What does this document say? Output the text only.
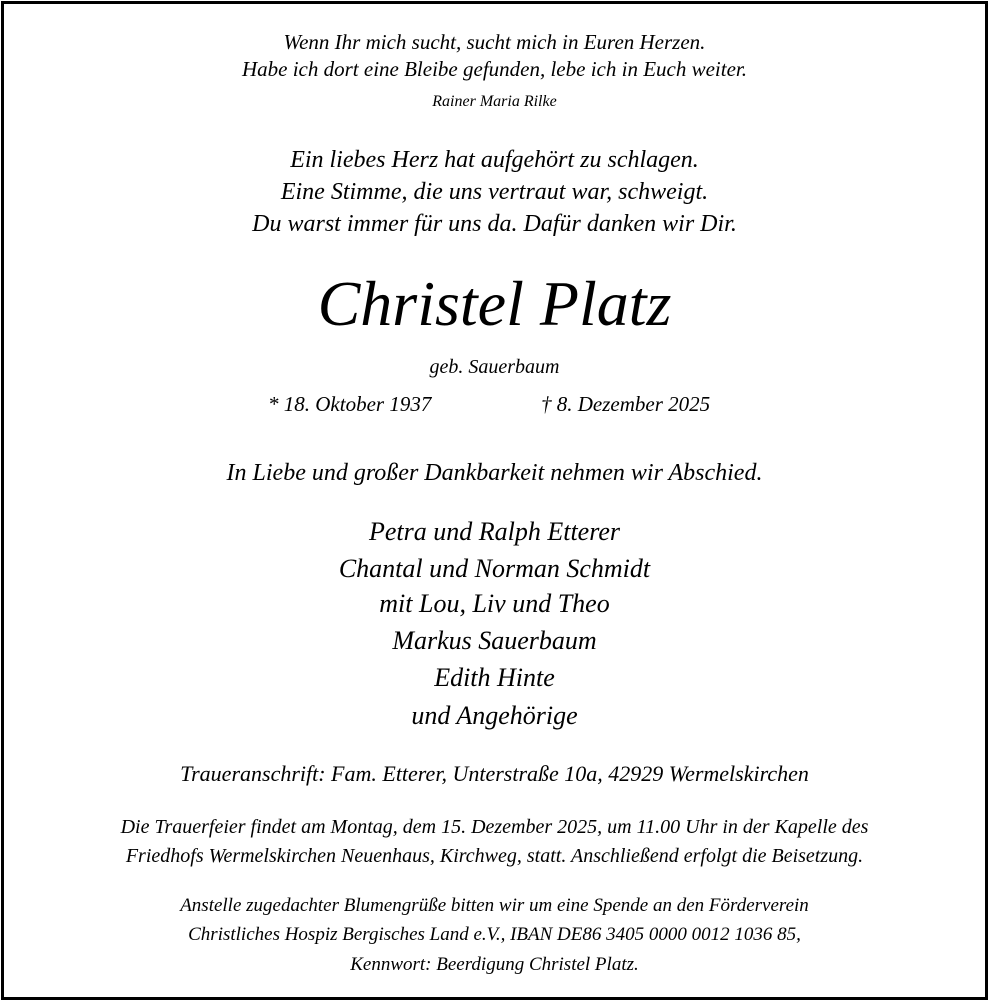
Wenn Ihr mich sucht, sucht mich in Euren Herzen.
Habe ich dort eine Bleibe gefunden, lebe ich in Euch weiter.
Rainer Maria Rilke
Ein liebes Herz hat aufgehört zu schlagen.
Eine Stimme, die uns vertraut war, schweigt.
Du warst immer für uns da. Dafür danken wir Dir.
Christel Platz
geb. Sauerbaum
* 18. Oktober 1937	† 8. Dezember 2025
In Liebe und großer Dankbarkeit nehmen wir Abschied.
Petra und Ralph Etterer
Chantal und Norman Schmidt
mit Lou, Liv und Theo
Markus Sauerbaum
Edith Hinte
und Angehörige
Traueranschrift: Fam. Etterer, Unterstraße 10a, 42929 Wermelskirchen
Die Trauerfeier findet am Montag, dem 15. Dezember 2025, um 11.00 Uhr in der Kapelle des
Friedhofs Wermelskirchen Neuenhaus, Kirchweg, statt. Anschließend erfolgt die Beisetzung.
Anstelle zugedachter Blumengrüße bitten wir um eine Spende an den Förderverein
Christliches Hospiz Bergisches Land e.V., IBAN DE86 3405 0000 0012 1036 85,
Kennwort: Beerdigung Christel Platz.
